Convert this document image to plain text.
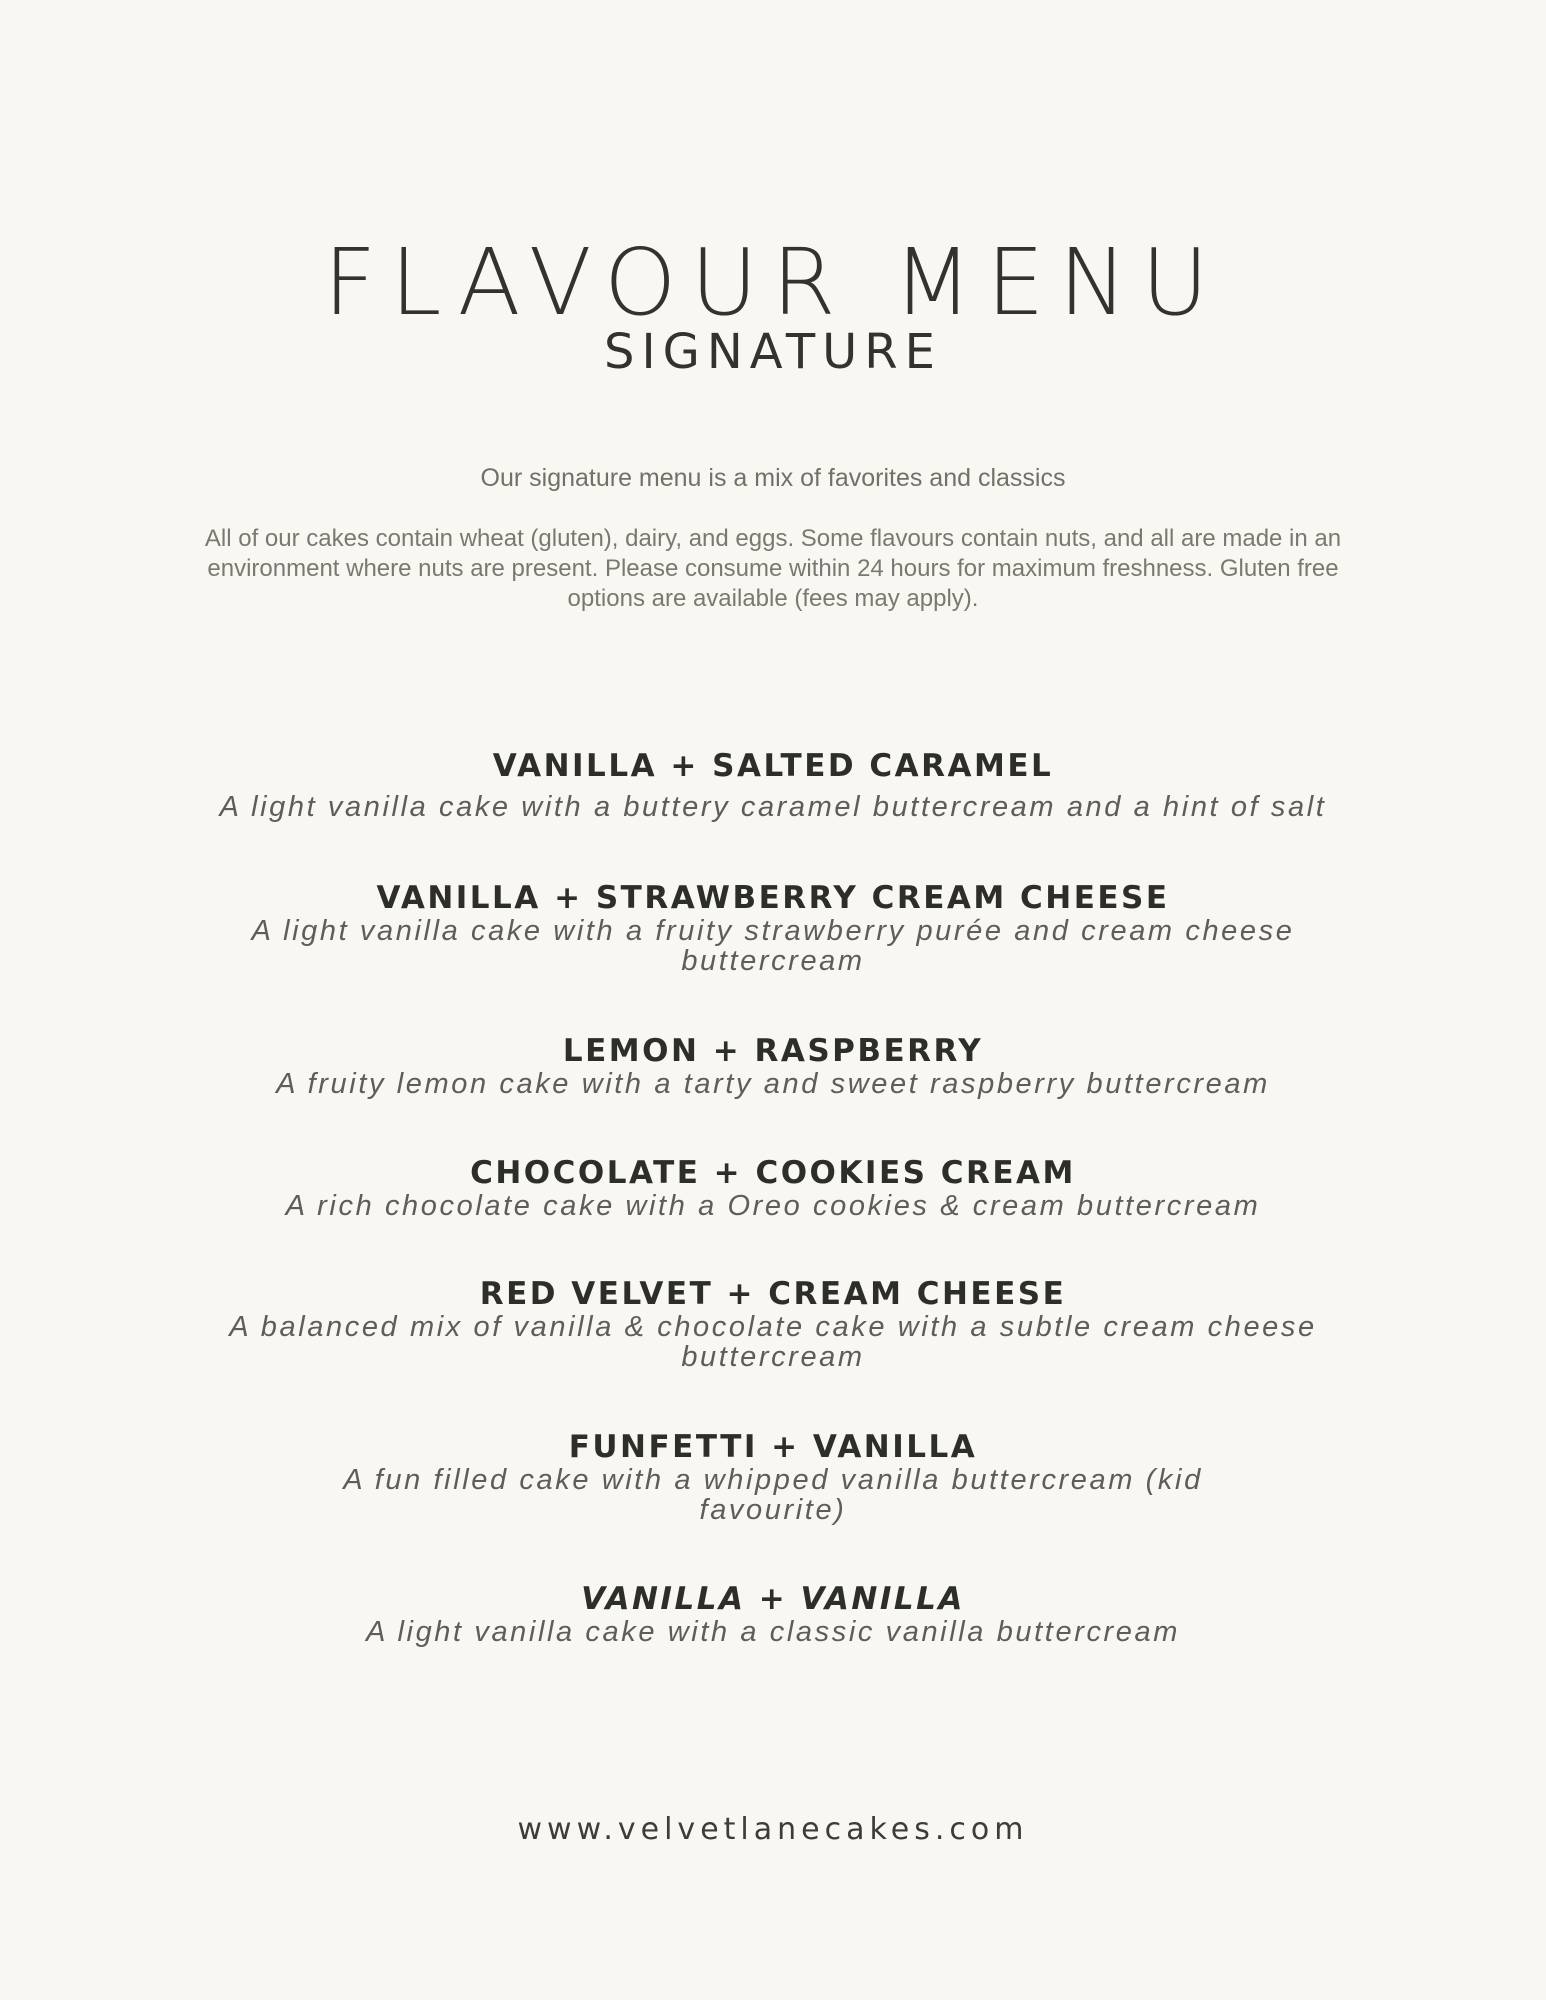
FLAVOUR MENU
SIGNATURE
Our signature menu is a mix of favorites and classics
All of our cakes contain wheat (gluten), dairy, and eggs. Some flavours contain nuts, and all are made in an environment where nuts are present. Please consume within 24 hours for maximum freshness. Gluten free options are available (fees may apply).
VANILLA + SALTED CARAMEL
A light vanilla cake with a buttery caramel buttercream and a hint of salt
VANILLA + STRAWBERRY CREAM CHEESE
A light vanilla cake with a fruity strawberry purée and cream cheese buttercream
LEMON + RASPBERRY
A fruity lemon cake with a tarty and sweet raspberry buttercream
CHOCOLATE + COOKIES CREAM
A rich chocolate cake with a Oreo cookies & cream buttercream
RED VELVET + CREAM CHEESE
A balanced mix of vanilla & chocolate cake with a subtle cream cheese buttercream
FUNFETTI + VANILLA
A fun filled cake with a whipped vanilla buttercream (kid favourite)
VANILLA + VANILLA
A light vanilla cake with a classic vanilla buttercream
www.velvetlanecakes.com
